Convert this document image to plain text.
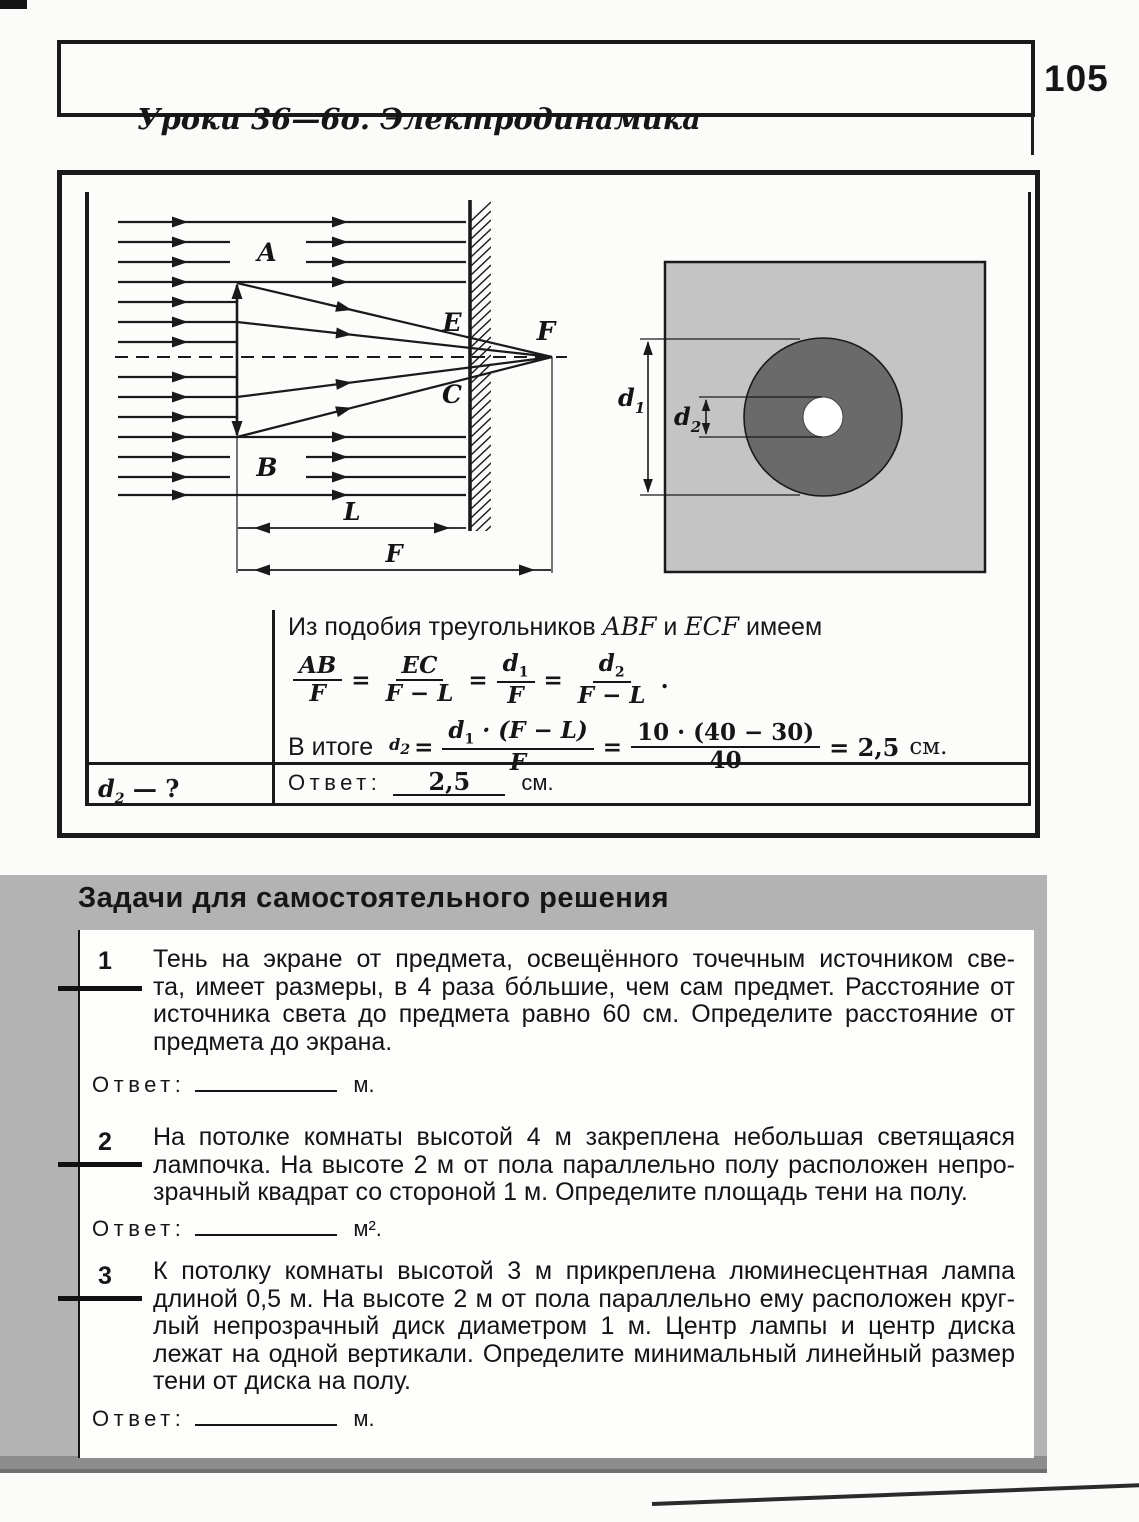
Уроки 36—6о. Электродинамика
105
A
B
E
C
F
L
F
$d_1$ $d_2$
Из подобия треугольников ABF и ECF имеем
$\frac{AB}{F} = \frac{EC}{F - L} = \frac{d_1}{F} = \frac{d_2}{F - L}$ .
В итоге $d_2 = \frac{d_1 \cdot (F - L)}{F} = \frac{10 \cdot (40 - 30)}{40} = 2,5$ см.
$d_2$ — ?	Ответ: 2,5 см.
Задачи для самостоятельного решения
1 Тень на экране от предмета, освещённого точечным источником све-
та, имеет размеры, в 4 раза бо́льшие, чем сам предмет. Расстояние от
источника света до предмета равно 60 см. Определите расстояние от
предмета до экрана.
Ответ:	м.
2 На потолке комнаты высотой 4 м закреплена небольшая светящаяся
лампочка. На высоте 2 м от пола параллельно полу расположен непро-
зрачный квадрат со стороной 1 м. Определите площадь тени на полу.
Ответ:	м².
3 К потолку комнаты высотой 3 м прикреплена люминесцентная лампа
длиной 0,5 м. На высоте 2 м от пола параллельно ему расположен круг-
лый непрозрачный диск диаметром 1 м. Центр лампы и центр диска
лежат на одной вертикали. Определите минимальный линейный размер
тени от диска на полу.
Ответ:	м.
